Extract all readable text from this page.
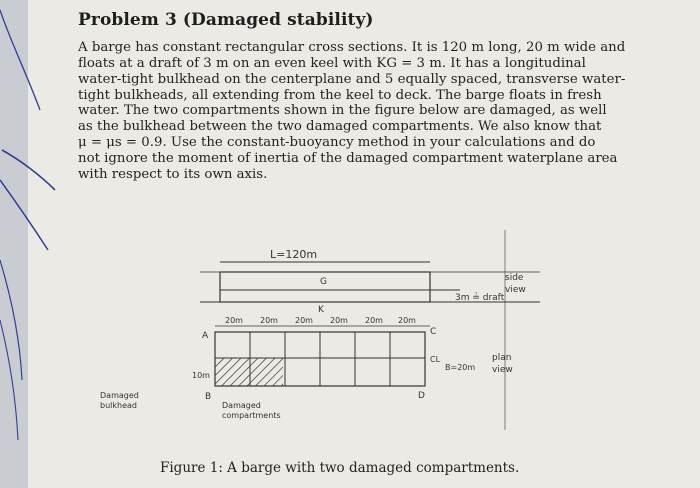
Problem 3 (Damaged stability)
A barge has constant rectangular cross sections. It is 120 m long, 20 m wide and
floats at a draft of 3 m on an even keel with KG = 3 m. It has a longitudinal
water-tight bulkhead on the centerplane and 5 equally spaced, transverse water-
tight bulkheads, all extending from the keel to deck. The barge floats in fresh
water. The two compartments shown in the figure below are damaged, as well
as the bulkhead between the two damaged compartments. We also know that
μ = μs = 0.9. Use the constant-buoyancy method in your calculations and do
not ignore the moment of inertia of the damaged compartment waterplane area
with respect to its own axis.
L=120m
G
K
3m ≟ draft
side
view
20m 20m 20m 20m 20m 20m
A
B
C
D
CL
10m
B=20m
plan
view
Damaged
bulkhead	Damaged
compartments
Figure 1: A barge with two damaged compartments.
